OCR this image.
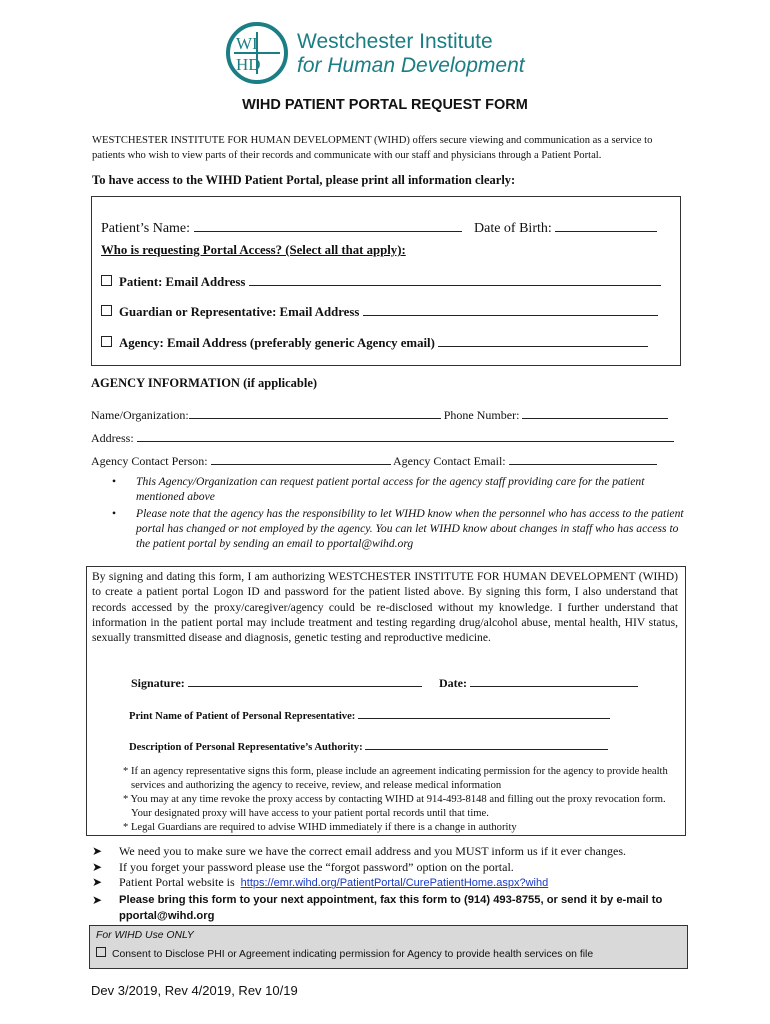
WI
HD
Westchester Institute
for Human Development
WIHD PATIENT PORTAL REQUEST FORM
WESTCHESTER INSTITUTE FOR HUMAN DEVELOPMENT (WIHD) offers secure viewing and communication as a service to patients who wish to view parts of their records and communicate with our staff and physicians through a Patient Portal.
To have access to the WIHD Patient Portal, please print all information clearly:
Patient’s Name:	Date of Birth:
Who is requesting Portal Access? (Select all that apply):
Patient: Email Address
Guardian or Representative: Email Address
Agency: Email Address (preferably generic Agency email)
AGENCY INFORMATION (if applicable)
Name/Organization:	Phone Number:
Address:
Agency Contact Person:	Agency Contact Email:
• This Agency/Organization can request patient portal access for the agency staff providing care for the patient mentioned above
• Please note that the agency has the responsibility to let WIHD know when the personnel who has access to the patient portal has changed or not employed by the agency. You can let WIHD know about changes in staff who has access to the patient portal by sending an email to pportal@wihd.org
By signing and dating this form, I am authorizing WESTCHESTER INSTITUTE FOR HUMAN DEVELOPMENT (WIHD) to create a patient portal Logon ID and password for the patient listed above. By signing this form, I also understand that records accessed by the proxy/caregiver/agency could be re-disclosed without my knowledge. I further understand that information in the patient portal may include treatment and testing regarding drug/alcohol abuse, mental health, HIV status, sexually transmitted disease and diagnosis, genetic testing and reproductive medicine.
Signature:	Date:
Print Name of Patient of Personal Representative:
Description of Personal Representative’s Authority:
* If an agency representative signs this form, please include an agreement indicating permission for the agency to provide health services and authorizing the agency to receive, review, and release medical information
* You may at any time revoke the proxy access by contacting WIHD at 914-493-8148 and filling out the proxy revocation form. Your designated proxy will have access to your patient portal records until that time.
* Legal Guardians are required to advise WIHD immediately if there is a change in authority
➤ We need you to make sure we have the correct email address and you MUST inform us if it ever changes.
➤ If you forget your password please use the “forgot password” option on the portal.
➤ Patient Portal website is https://emr.wihd.org/PatientPortal/CurePatientHome.aspx?wihd
➤ Please bring this form to your next appointment, fax this form to (914) 493-8755, or send it by e-mail to pportal@wihd.org
For WIHD Use ONLY
Consent to Disclose PHI or Agreement indicating permission for Agency to provide health services on file
Dev 3/2019, Rev 4/2019, Rev 10/19
